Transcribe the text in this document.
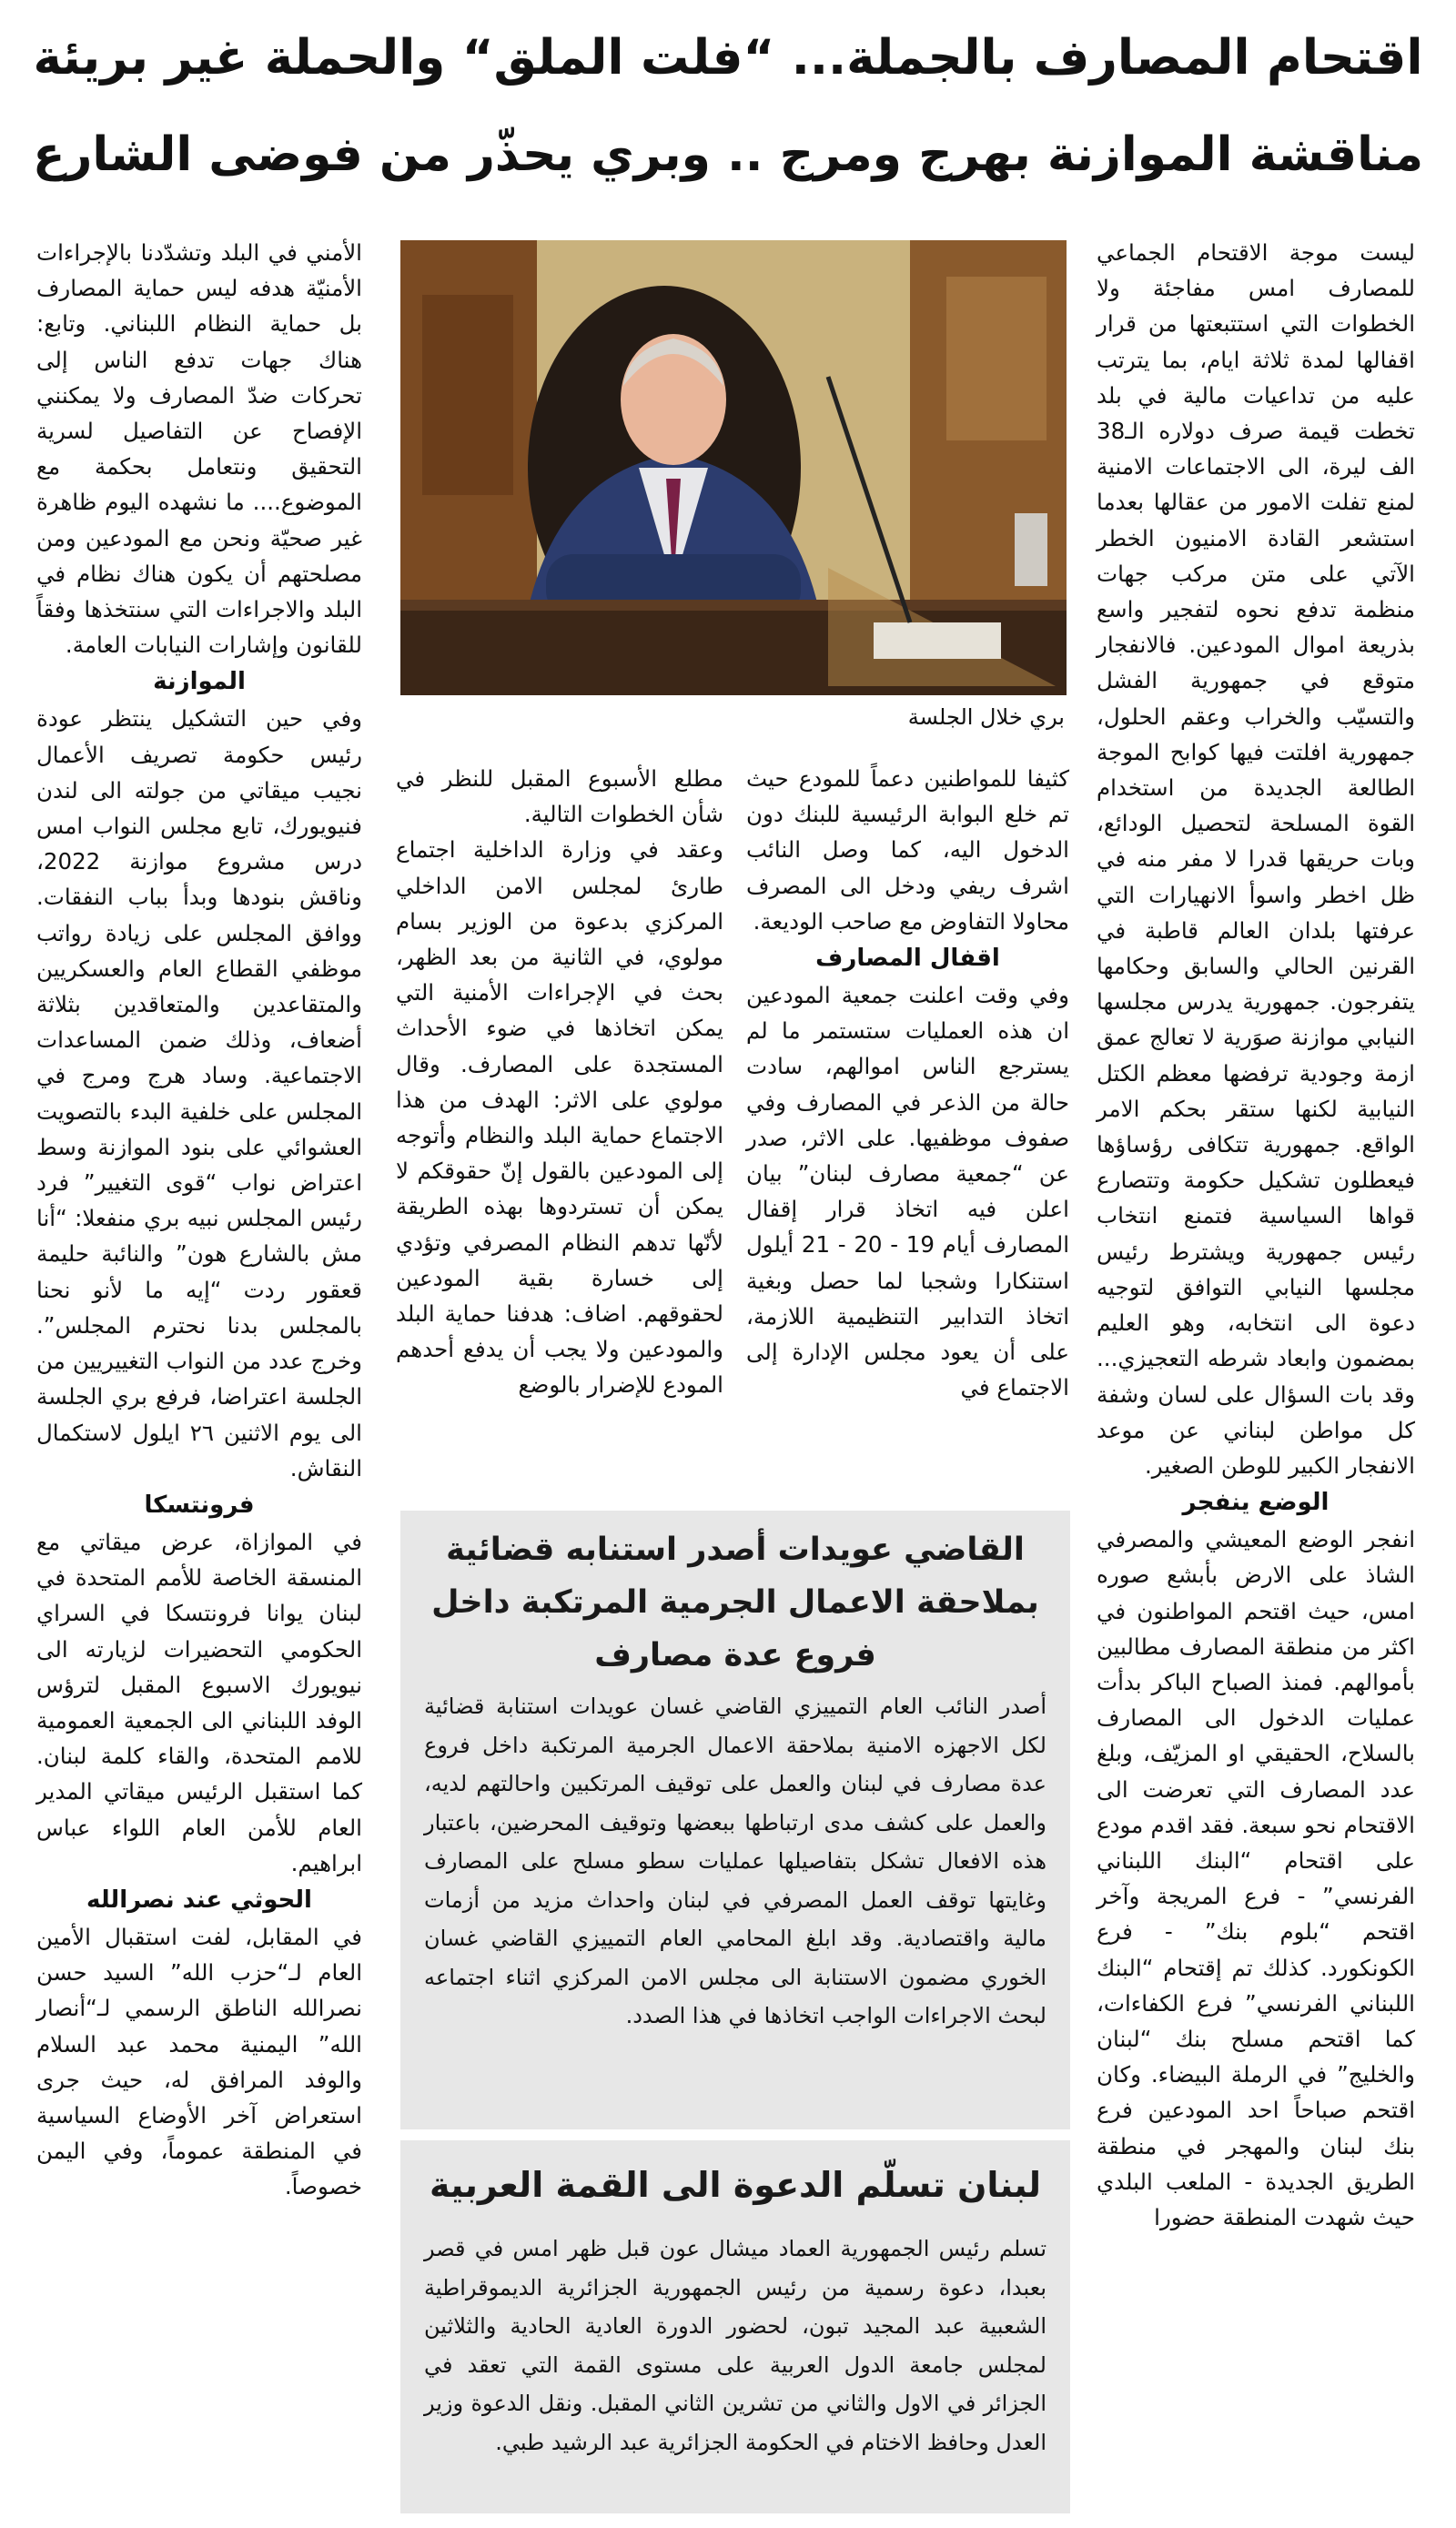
اقتحام المصارف بالجملة... “فلت الملق“ والحملة غير بريئة
مناقشة الموازنة بهرج ومرج .. وبري يحذّر من فوضى الشارع

ليست موجة الاقتحام الجماعي للمصارف امس مفاجئة ولا الخطوات التي استتبعتها من قرار اقفالها لمدة ثلاثة ايام، بما يترتب عليه من تداعيات مالية في بلد تخطت قيمة صرف دولاره الـ38 الف ليرة، الى الاجتماعات الامنية لمنع تفلت الامور من عقالها بعدما استشعر القادة الامنيون الخطر الآتي على متن مركب جهات منظمة تدفع نحوه لتفجير واسع بذريعة اموال المودعين. فالانفجار متوقع في جمهورية الفشل والتسيّب والخراب وعقم الحلول، جمهورية افلتت فيها كوابح الموجة الطالعة الجديدة من استخدام القوة المسلحة لتحصيل الودائع، وبات حريقها قدرا لا مفر منه في ظل اخطر واسوأ الانهيارات التي عرفتها بلدان العالم قاطبة في القرنين الحالي والسابق وحكامها يتفرجون. جمهورية يدرس مجلسها النيابي موازنة صوَرية لا تعالج عمق ازمة وجودية ترفضها معظم الكتل النيابية لكنها ستقر بحكم الامر الواقع. جمهورية تتكافى رؤساؤها فيعطلون تشكيل حكومة وتتصارع قواها السياسية فتمنع انتخاب رئيس جمهورية ويشترط رئيس مجلسها النيابي التوافق لتوجيه دعوة الى انتخابه، وهو العليم بمضمون وابعاد شرطه التعجيزي... وقد بات السؤال على لسان وشفة كل مواطن لبناني عن موعد الانفجار الكبير للوطن الصغير.

الوضع ينفجر

انفجر الوضع المعيشي والمصرفي الشاذ على الارض بأبشع صوره امس، حيث اقتحم المواطنون في اكثر من منطقة المصارف مطالبين بأموالهم. فمنذ الصباح الباكر بدأت عمليات الدخول الى المصارف بالسلاح، الحقيقي او المزيّف، وبلغ عدد المصارف التي تعرضت الى الاقتحام نحو سبعة. فقد اقدم مودع على اقتحام “البنك اللبناني الفرنسي” - فرع المريجة وآخر اقتحم “بلوم بنك” - فرع الكونكورد. كذلك تم إقتحام “البنك اللبناني الفرنسي” فرع الكفاءات، كما اقتحم مسلح بنك “لبنان والخليج” في الرملة البيضاء. وكان اقتحم صباحاً احد المودعين فرع بنك لبنان والمهجر في منطقة الطريق الجديدة - الملعب البلدي حيث شهدت المنطقة حضورا

بري خلال الجلسة

كثيفا للمواطنين دعماً للمودع حيث تم خلع البوابة الرئيسية للبنك دون الدخول اليه، كما وصل النائب اشرف ريفي ودخل الى المصرف محاولا التفاوض مع صاحب الوديعة.

اقفال المصارف

وفي وقت اعلنت جمعية المودعين ان هذه العمليات ستستمر ما لم يسترجع الناس اموالهم، سادت حالة من الذعر في المصارف وفي صفوف موظفيها. على الاثر، صدر عن “جمعية مصارف لبنان” بيان اعلن فيه اتخاذ قرار إقفال المصارف أيام 19 - 20 - 21 أيلول استنكارا وشجبا لما حصل وبغية اتخاذ التدابير التنظيمية اللازمة، على أن يعود مجلس الإدارة إلى الاجتماع في

مطلع الأسبوع المقبل للنظر في شأن الخطوات التالية.

وعقد في وزارة الداخلية اجتماع طارئ لمجلس الامن الداخلي المركزي بدعوة من الوزير بسام مولوي، في الثانية من بعد الظهر، بحث في الإجراءات الأمنية التي يمكن اتخاذها في ضوء الأحداث المستجدة على المصارف. وقال مولوي على الاثر: الهدف من هذا الاجتماع حماية البلد والنظام وأتوجه إلى المودعين بالقول إنّ حقوقكم لا يمكن أن تستردوها بهذه الطريقة لأنّها تدهم النظام المصرفي وتؤدي إلى خسارة بقية المودعين لحقوقهم. اضاف: هدفنا حماية البلد والمودعين ولا يجب أن يدفع أحدهم المودع للإضرار بالوضع

الأمني في البلد وتشدّدنا بالإجراءات الأمنيّة هدفه ليس حماية المصارف بل حماية النظام اللبناني. وتابع: هناك جهات تدفع الناس إلى تحركات ضدّ المصارف ولا يمكنني الإفصاح عن التفاصيل لسرية التحقيق ونتعامل بحكمة مع الموضوع.... ما نشهده اليوم ظاهرة غير صحيّة ونحن مع المودعين ومن مصلحتهم أن يكون هناك نظام في البلد والاجراءات التي سنتخذها وفقاً للقانون وإشارات النيابات العامة.

الموازنة

وفي حين التشكيل ينتظر عودة رئيس حكومة تصريف الأعمال نجيب ميقاتي من جولته الى لندن فنيويورك، تابع مجلس النواب امس درس مشروع موازنة 2022، وناقش بنودها وبدأ بباب النفقات. ووافق المجلس على زيادة رواتب موظفي القطاع العام والعسكريين والمتقاعدين والمتعاقدين بثلاثة أضعاف، وذلك ضمن المساعدات الاجتماعية. وساد هرج ومرج في المجلس على خلفية البدء بالتصويت العشوائي على بنود الموازنة وسط اعتراض نواب “قوى التغيير” فرد رئيس المجلس نبيه بري منفعلا: “أنا مش بالشارع هون” والنائبة حليمة قعقور ردت “إيه ما لأنو نحنا بالمجلس بدنا نحترم المجلس”. وخرج عدد من النواب التغييريين من الجلسة اعتراضا، فرفع بري الجلسة الى يوم الاثنين ٢٦ ايلول لاستكمال النقاش.

فرونتسكا

في الموازاة، عرض ميقاتي مع المنسقة الخاصة للأمم المتحدة في لبنان يوانا فرونتسكا في السراي الحكومي التحضيرات لزيارته الى نيويورك الاسبوع المقبل لترؤس الوفد اللبناني الى الجمعية العمومية للامم المتحدة، والقاء كلمة لبنان. كما استقبل الرئيس ميقاتي المدير العام للأمن العام اللواء عباس ابراهيم.

الحوثي عند نصرالله

في المقابل، لفت استقبال الأمين العام لـ“حزب الله” السيد حسن نصرالله الناطق الرسمي لـ“أنصار الله” اليمنية محمد عبد السلام والوفد المرافق له، حيث جرى استعراض آخر الأوضاع السياسية في المنطقة عموماً، وفي اليمن خصوصاً.

القاضي عويدات أصدر استنابه قضائية بملاحقة الاعمال الجرمية المرتكبة داخل فروع عدة مصارف
أصدر النائب العام التمييزي القاضي غسان عويدات استنابة قضائية لكل الاجهزه الامنية بملاحقة الاعمال الجرمية المرتكبة داخل فروع عدة مصارف في لبنان والعمل على توقيف المرتكبين واحالتهم لديه، والعمل على كشف مدى ارتباطها ببعضها وتوقيف المحرضين، باعتبار هذه الافعال تشكل بتفاصيلها عمليات سطو مسلح على المصارف وغايتها توقف العمل المصرفي في لبنان واحداث مزيد من أزمات مالية واقتصادية. وقد ابلغ المحامي العام التمييزي القاضي غسان الخوري مضمون الاستنابة الى مجلس الامن المركزي اثناء اجتماعه لبحث الاجراءات الواجب اتخاذها في هذا الصدد.
لبنان تسلّم الدعوة الى القمة العربية
تسلم رئيس الجمهورية العماد ميشال عون قبل ظهر امس في قصر بعبدا، دعوة رسمية من رئيس الجمهورية الجزائرية الديموقراطية الشعبية عبد المجيد تبون، لحضور الدورة العادية الحادية والثلاثين لمجلس جامعة الدول العربية على مستوى القمة التي تعقد في الجزائر في الاول والثاني من تشرين الثاني المقبل. ونقل الدعوة وزير العدل وحافظ الاختام في الحكومة الجزائرية عبد الرشيد طبي.
